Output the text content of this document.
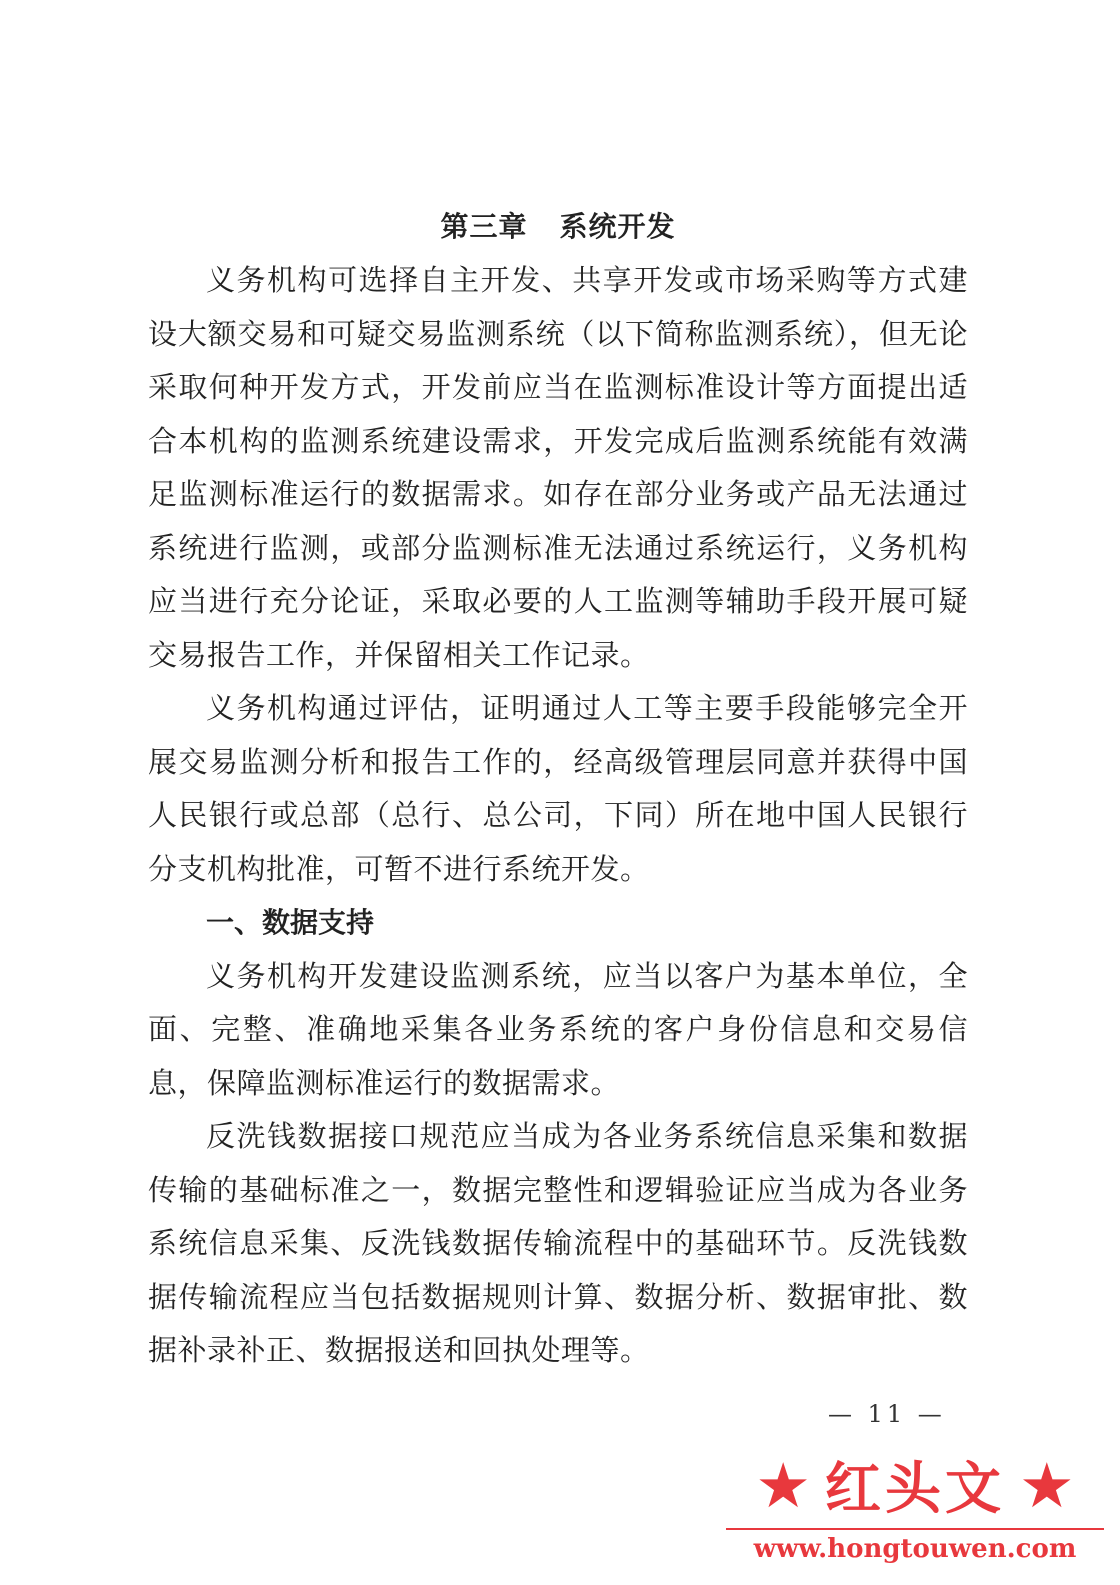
第三章 系统开发

义务机构可选择自主开发、共享开发或市场采购等方式建设大额交易和可疑交易监测系统（以下简称监测系统），但无论采取何种开发方式，开发前应当在监测标准设计等方面提出适合本机构的监测系统建设需求，开发完成后监测系统能有效满足监测标准运行的数据需求。如存在部分业务或产品无法通过系统进行监测，或部分监测标准无法通过系统运行，义务机构应当进行充分论证，采取必要的人工监测等辅助手段开展可疑交易报告工作，并保留相关工作记录。

义务机构通过评估，证明通过人工等主要手段能够完全开展交易监测分析和报告工作的，经高级管理层同意并获得中国人民银行或总部（总行、总公司，下同）所在地中国人民银行分支机构批准，可暂不进行系统开发。

一、数据支持

义务机构开发建设监测系统，应当以客户为基本单位，全面、完整、准确地采集各业务系统的客户身份信息和交易信息，保障监测标准运行的数据需求。

反洗钱数据接口规范应当成为各业务系统信息采集和数据传输的基础标准之一，数据完整性和逻辑验证应当成为各业务系统信息采集、反洗钱数据传输流程中的基础环节。反洗钱数据传输流程应当包括数据规则计算、数据分析、数据审批、数据补录补正、数据报送和回执处理等。

— 11 —
★ 红头文 ★
www.hongtouwen.com
